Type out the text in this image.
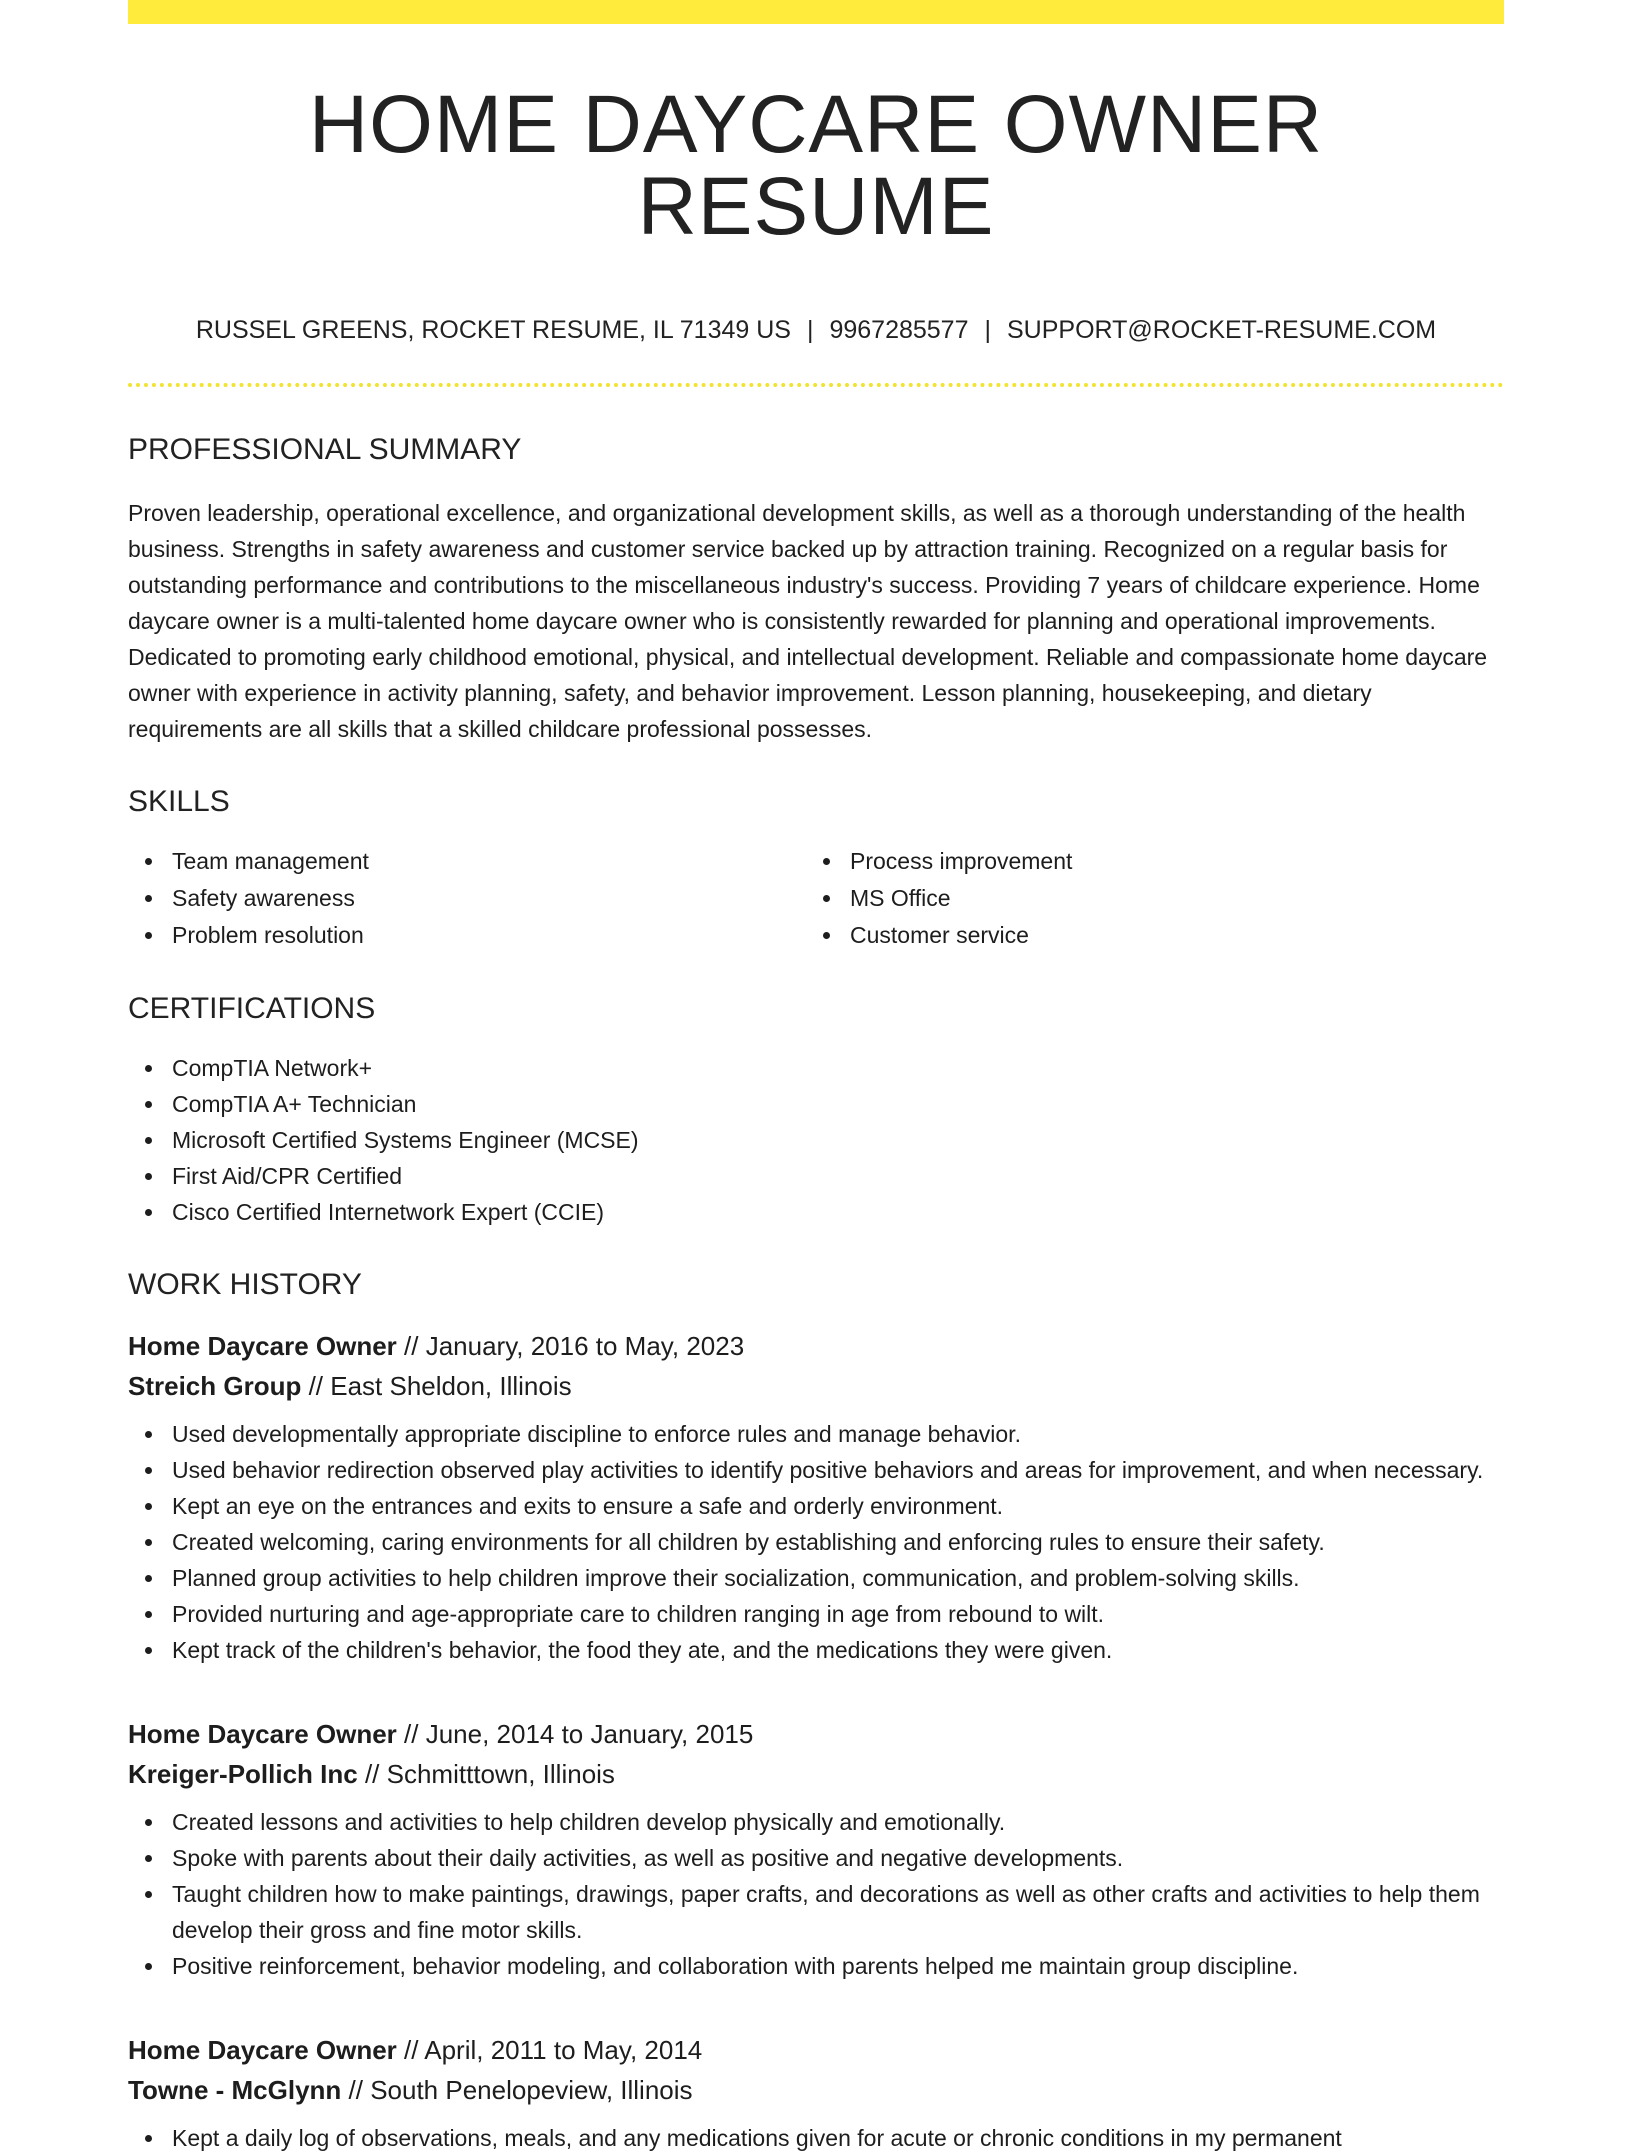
HOME DAYCARE OWNER RESUME
RUSSEL GREENS, ROCKET RESUME, IL 71349 US | 9967285577 | SUPPORT@ROCKET-RESUME.COM
PROFESSIONAL SUMMARY

Proven leadership, operational excellence, and organizational development skills, as well as a thorough understanding of the health business. Strengths in safety awareness and customer service backed up by attraction training. Recognized on a regular basis for outstanding performance and contributions to the miscellaneous industry's success. Providing 7 years of childcare experience. Home daycare owner is a multi-talented home daycare owner who is consistently rewarded for planning and operational improvements. Dedicated to promoting early childhood emotional, physical, and intellectual development. Reliable and compassionate home daycare owner with experience in activity planning, safety, and behavior improvement. Lesson planning, housekeeping, and dietary requirements are all skills that a skilled childcare professional possesses.

SKILLS
Team management
Safety awareness
Problem resolution
Process improvement
MS Office
Customer service
CERTIFICATIONS
CompTIA Network+
CompTIA A+ Technician
Microsoft Certified Systems Engineer (MCSE)
First Aid/CPR Certified
Cisco Certified Internetwork Expert (CCIE)
WORK HISTORY
Home Daycare Owner // January, 2016 to May, 2023
Streich Group // East Sheldon, Illinois
Used developmentally appropriate discipline to enforce rules and manage behavior.
Used behavior redirection observed play activities to identify positive behaviors and areas for improvement, and when necessary.
Kept an eye on the entrances and exits to ensure a safe and orderly environment.
Created welcoming, caring environments for all children by establishing and enforcing rules to ensure their safety.
Planned group activities to help children improve their socialization, communication, and problem-solving skills.
Provided nurturing and age-appropriate care to children ranging in age from rebound to wilt.
Kept track of the children's behavior, the food they ate, and the medications they were given.
Home Daycare Owner // June, 2014 to January, 2015
Kreiger-Pollich Inc // Schmitttown, Illinois
Created lessons and activities to help children develop physically and emotionally.
Spoke with parents about their daily activities, as well as positive and negative developments.
Taught children how to make paintings, drawings, paper crafts, and decorations as well as other crafts and activities to help them develop their gross and fine motor skills.
Positive reinforcement, behavior modeling, and collaboration with parents helped me maintain group discipline.
Home Daycare Owner // April, 2011 to May, 2014
Towne - McGlynn // South Penelopeview, Illinois
Kept a daily log of observations, meals, and any medications given for acute or chronic conditions in my permanent
